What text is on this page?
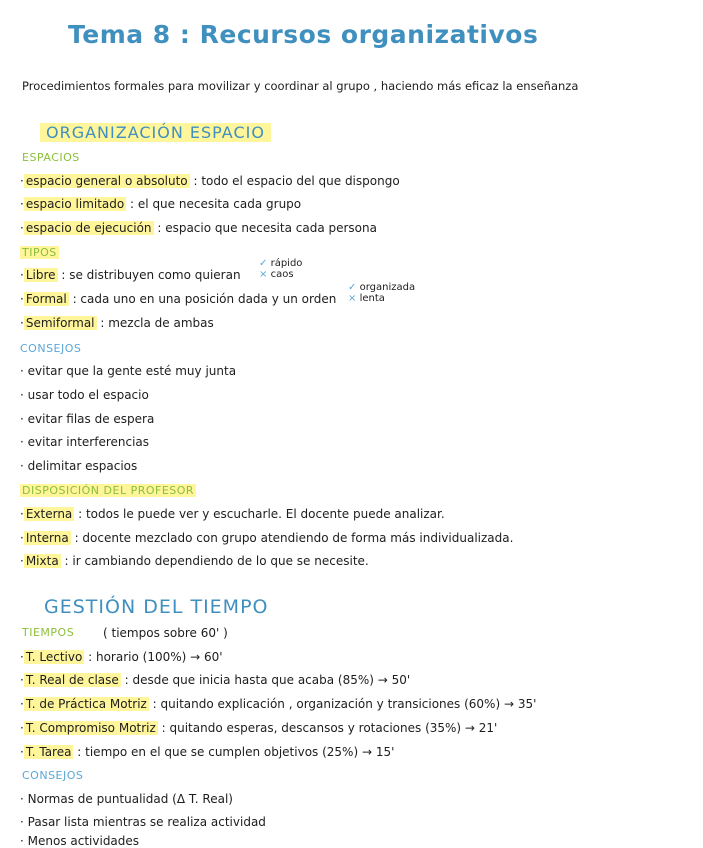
Tema 8 : Recursos organizativos
Procedimientos formales para movilizar y coordinar al grupo , haciendo más eficaz la enseñanza
ORGANIZACIÓN ESPACIO
ESPACIOS
· espacio general o absoluto : todo el espacio del que dispongo
· espacio limitado : el que necesita cada grupo
· espacio de ejecución : espacio que necesita cada persona
TIPOS
· Libre : se distribuyen como quieran
✓ rápido
× caos
· Formal : cada uno en una posición dada y un orden
✓ organizada
× lenta
· Semiformal : mezcla de ambas
CONSEJOS
· evitar que la gente esté muy junta
· usar todo el espacio
· evitar filas de espera
· evitar interferencias
· delimitar espacios
DISPOSICIÓN DEL PROFESOR
· Externa : todos le puede ver y escucharle. El docente puede analizar.
· Interna : docente mezclado con grupo atendiendo de forma más individualizada.
· Mixta : ir cambiando dependiendo de lo que se necesite.
GESTIÓN DEL TIEMPO
TIEMPOS ( tiempos sobre 60' )
· T. Lectivo : horario (100%) → 60'
· T. Real de clase : desde que inicia hasta que acaba (85%) → 50'
· T. de Práctica Motriz : quitando explicación , organización y transiciones (60%) → 35'
· T. Compromiso Motriz : quitando esperas, descansos y rotaciones (35%) → 21'
· T. Tarea : tiempo en el que se cumplen objetivos (25%) → 15'
CONSEJOS
· Normas de puntualidad (Δ T. Real)
· Pasar lista mientras se realiza actividad
· Menos actividades
